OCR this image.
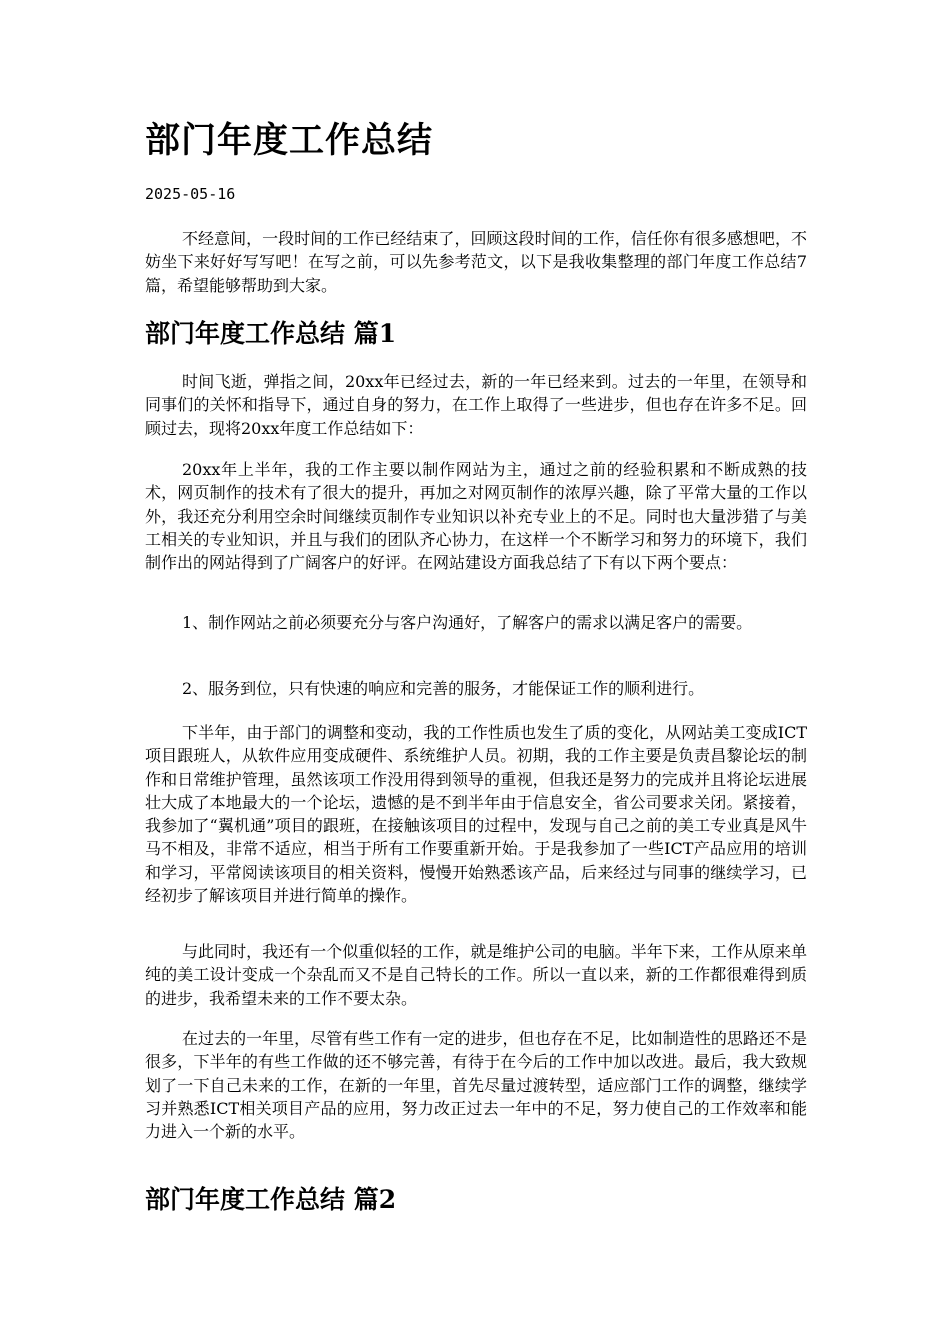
部门年度工作总结
2025-05-16

不经意间，一段时间的工作已经结束了，回顾这段时间的工作，信任你有很多感想吧，不妨坐下来好好写写吧！在写之前，可以先参考范文，以下是我收集整理的部门年度工作总结7篇，希望能够帮助到大家。

部门年度工作总结 篇1

时间飞逝，弹指之间，20xx年已经过去，新的一年已经来到。过去的一年里，在领导和同事们的关怀和指导下，通过自身的努力，在工作上取得了一些进步，但也存在许多不足。回顾过去，现将20xx年度工作总结如下：

20xx年上半年，我的工作主要以制作网站为主，通过之前的经验积累和不断成熟的技术，网页制作的技术有了很大的提升，再加之对网页制作的浓厚兴趣，除了平常大量的工作以外，我还充分利用空余时间继续页制作专业知识以补充专业上的不足。同时也大量涉猎了与美工相关的专业知识，并且与我们的团队齐心协力，在这样一个不断学习和努力的环境下，我们制作出的网站得到了广阔客户的好评。在网站建设方面我总结了下有以下两个要点：

1、制作网站之前必须要充分与客户沟通好，了解客户的需求以满足客户的需要。

2、服务到位，只有快速的响应和完善的服务，才能保证工作的顺利进行。

下半年，由于部门的调整和变动，我的工作性质也发生了质的变化，从网站美工变成ICT项目跟班人，从软件应用变成硬件、系统维护人员。初期，我的工作主要是负责昌黎论坛的制作和日常维护管理，虽然该项工作没用得到领导的重视，但我还是努力的完成并且将论坛进展壮大成了本地最大的一个论坛，遗憾的是不到半年由于信息安全，省公司要求关闭。紧接着，我参加了“翼机通”项目的跟班，在接触该项目的过程中，发现与自己之前的美工专业真是风牛马不相及，非常不适应，相当于所有工作要重新开始。于是我参加了一些ICT产品应用的培训和学习，平常阅读该项目的相关资料，慢慢开始熟悉该产品，后来经过与同事的继续学习，已经初步了解该项目并进行简单的操作。

与此同时，我还有一个似重似轻的工作，就是维护公司的电脑。半年下来，工作从原来单纯的美工设计变成一个杂乱而又不是自己特长的工作。所以一直以来，新的工作都很难得到质的进步，我希望未来的工作不要太杂。

在过去的一年里，尽管有些工作有一定的进步，但也存在不足，比如制造性的思路还不是很多，下半年的有些工作做的还不够完善，有待于在今后的工作中加以改进。最后，我大致规划了一下自己未来的工作，在新的一年里，首先尽量过渡转型，适应部门工作的调整，继续学习并熟悉ICT相关项目产品的应用，努力改正过去一年中的不足，努力使自己的工作效率和能力进入一个新的水平。

部门年度工作总结 篇2
